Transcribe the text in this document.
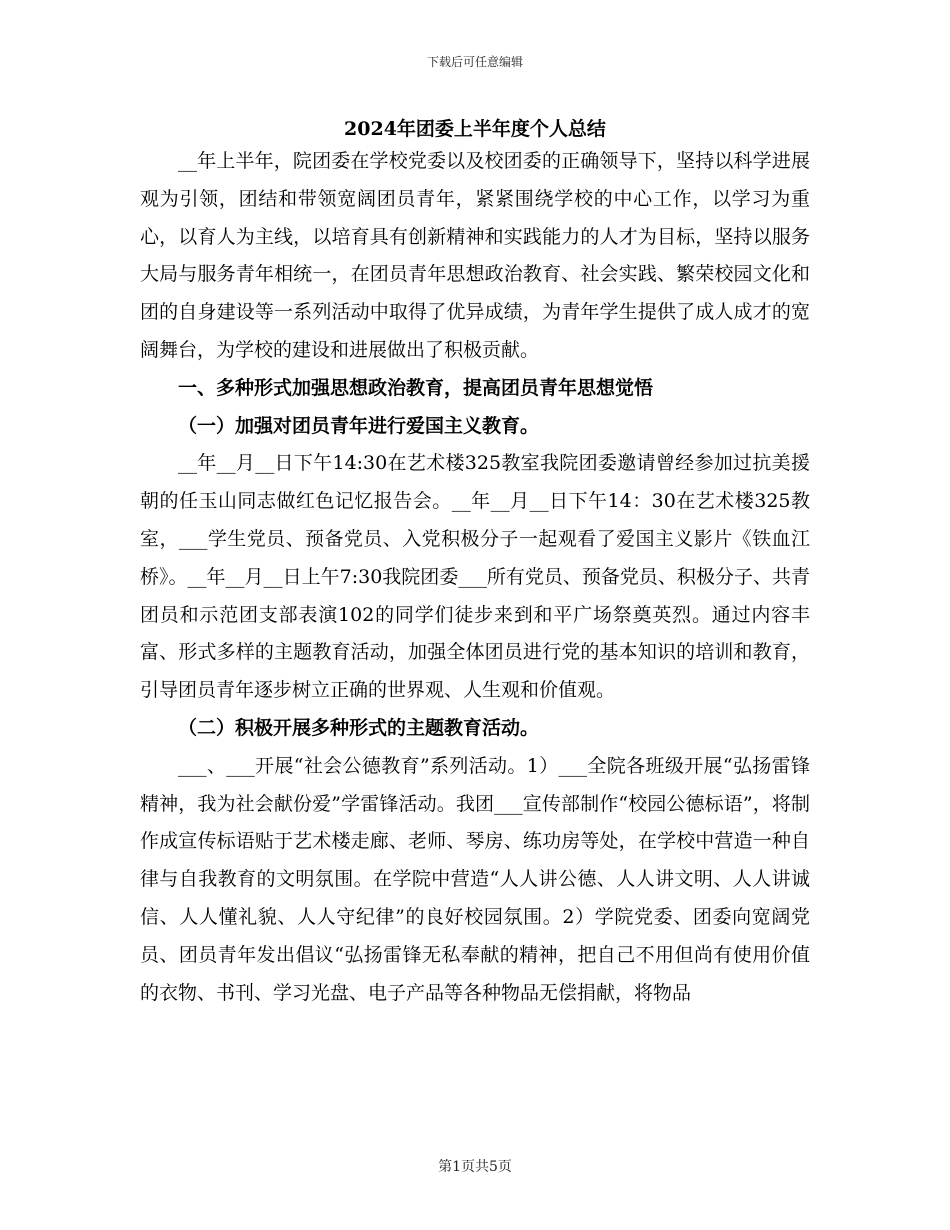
下载后可任意编辑
2024年团委上半年度个人总结

__年上半年，院团委在学校党委以及校团委的正确领导下，坚持以科学进展观为引领，团结和带领宽阔团员青年，紧紧围绕学校的中心工作，以学习为重心，以育人为主线，以培育具有创新精神和实践能力的人才为目标，坚持以服务大局与服务青年相统一，在团员青年思想政治教育、社会实践、繁荣校园文化和团的自身建设等一系列活动中取得了优异成绩，为青年学生提供了成人成才的宽阔舞台，为学校的建设和进展做出了积极贡献。

一、多种形式加强思想政治教育，提高团员青年思想觉悟

（一）加强对团员青年进行爱国主义教育。

__年__月__日下午14:30在艺术楼325教室我院团委邀请曾经参加过抗美援朝的任玉山同志做红色记忆报告会。__年__月__日下午14：30在艺术楼325教室，___学生党员、预备党员、入党积极分子一起观看了爱国主义影片《铁血江桥》。__年__月__日上午7:30我院团委___所有党员、预备党员、积极分子、共青团员和示范团支部表演102的同学们徒步来到和平广场祭奠英烈。通过内容丰富、形式多样的主题教育活动，加强全体团员进行党的基本知识的培训和教育，引导团员青年逐步树立正确的世界观、人生观和价值观。

（二）积极开展多种形式的主题教育活动。

___、___开展“社会公德教育”系列活动。1）___全院各班级开展“弘扬雷锋精神，我为社会献份爱”学雷锋活动。我团___宣传部制作“校园公德标语”，将制作成宣传标语贴于艺术楼走廊、老师、琴房、练功房等处，在学校中营造一种自律与自我教育的文明氛围。在学院中营造“人人讲公德、人人讲文明、人人讲诚信、人人懂礼貌、人人守纪律”的良好校园氛围。2）学院党委、团委向宽阔党员、团员青年发出倡议“弘扬雷锋无私奉献的精神，把自己不用但尚有使用价值的衣物、书刊、学习光盘、电子产品等各种物品无偿捐献，将物品

第1页共5页
